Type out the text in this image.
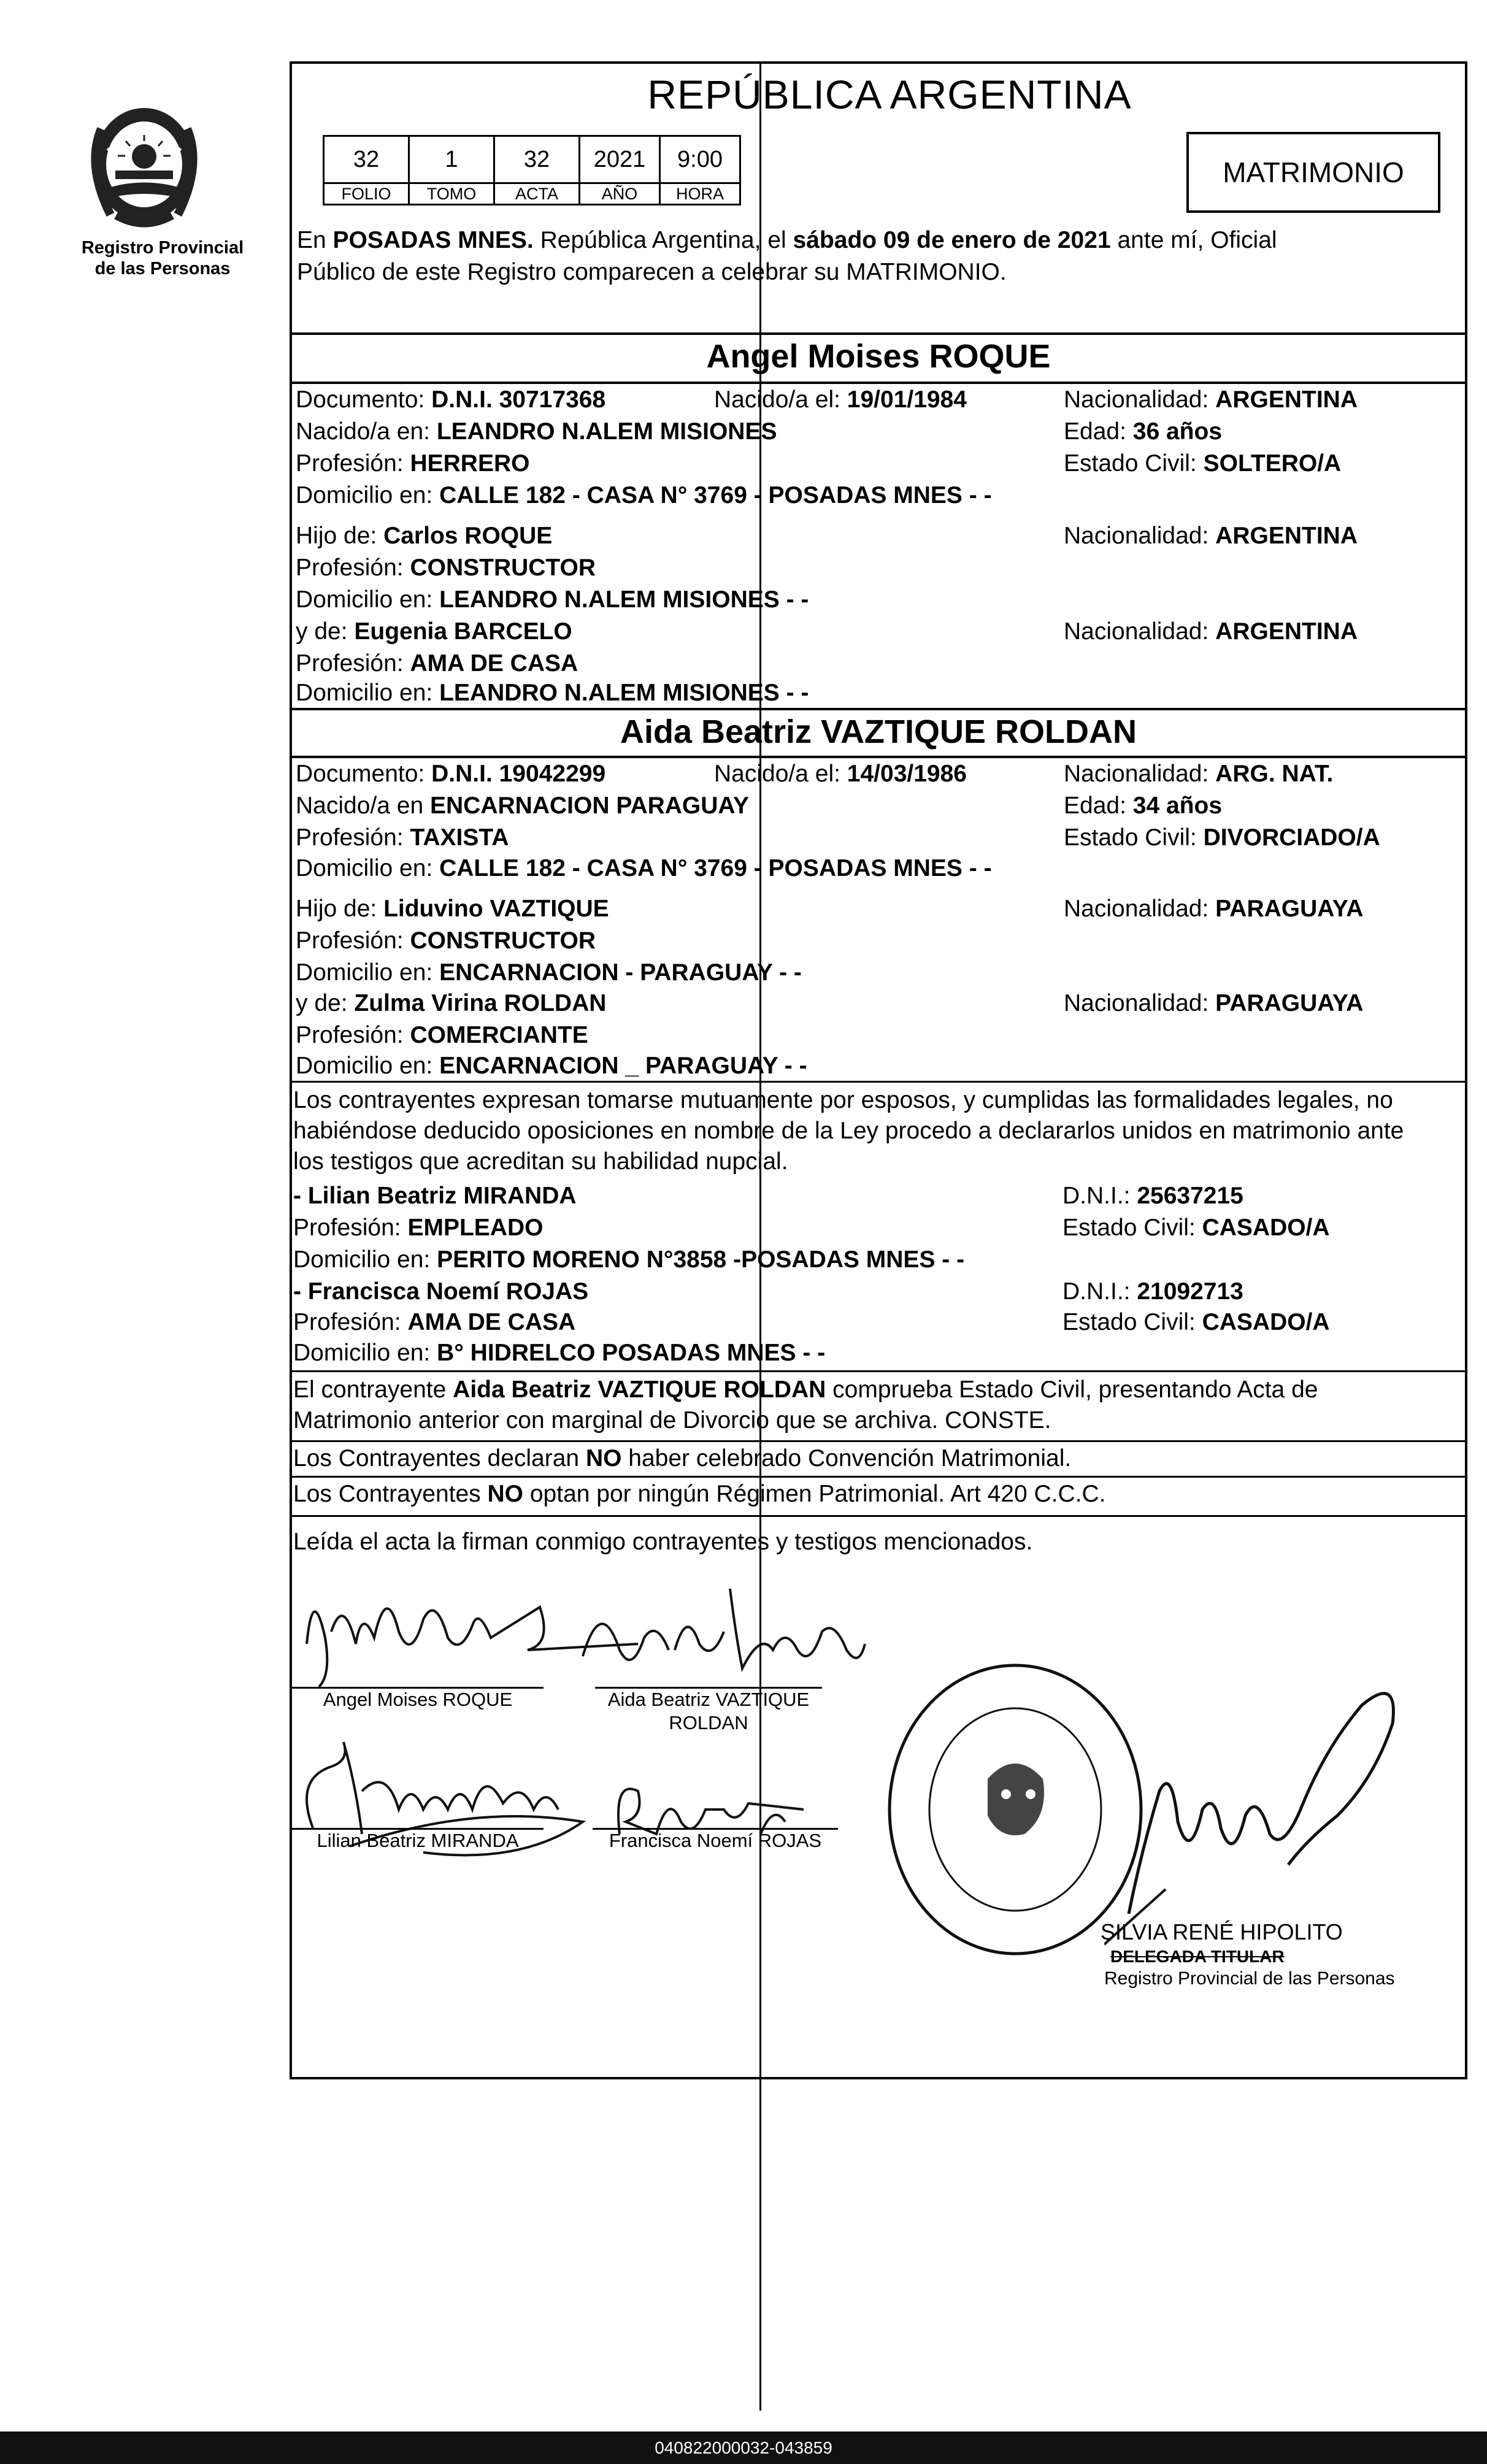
Registro Provincial
de las Personas
REPÚBLICA ARGENTINA
32	1	32	2021	9:00
FOLIO	TOMO	ACTA	AÑO	HORA
MATRIMONIO
En POSADAS MNES. República Argentina, el sábado 09 de enero de 2021 ante mí, Oficial
Público de este Registro comparecen a celebrar su MATRIMONIO.
Angel Moises ROQUE
Documento: D.N.I. 30717368	Nacido/a el: 19/01/1984	Nacionalidad: ARGENTINA
Nacido/a en: LEANDRO N.ALEM MISIONES	Edad: 36 años
Profesión: HERRERO	Estado Civil: SOLTERO/A
Domicilio en: CALLE 182 - CASA N° 3769 - POSADAS MNES - -
Hijo de: Carlos ROQUE	Nacionalidad: ARGENTINA
Profesión: CONSTRUCTOR
Domicilio en: LEANDRO N.ALEM MISIONES - -
y de: Eugenia BARCELO	Nacionalidad: ARGENTINA
Profesión: AMA DE CASA
Domicilio en: LEANDRO N.ALEM MISIONES - -
Aida Beatriz VAZTIQUE ROLDAN
Documento: D.N.I. 19042299	Nacido/a el: 14/03/1986	Nacionalidad: ARG. NAT.
Nacido/a en ENCARNACION PARAGUAY	Edad: 34 años
Profesión: TAXISTA	Estado Civil: DIVORCIADO/A
Domicilio en: CALLE 182 - CASA N° 3769 - POSADAS MNES - -
Hijo de: Liduvino VAZTIQUE	Nacionalidad: PARAGUAYA
Profesión: CONSTRUCTOR
Domicilio en: ENCARNACION - PARAGUAY - -
y de: Zulma Virina ROLDAN	Nacionalidad: PARAGUAYA
Profesión: COMERCIANTE
Domicilio en: ENCARNACION _ PARAGUAY - -
Los contrayentes expresan tomarse mutuamente por esposos, y cumplidas las formalidades legales, no
habiéndose deducido oposiciones en nombre de la Ley procedo a declararlos unidos en matrimonio ante
los testigos que acreditan su habilidad nupcial.
- Lilian Beatriz MIRANDA	D.N.I.: 25637215
Profesión: EMPLEADO	Estado Civil: CASADO/A
Domicilio en: PERITO MORENO N°3858 -POSADAS MNES - -
- Francisca Noemí ROJAS	D.N.I.: 21092713
Profesión: AMA DE CASA	Estado Civil: CASADO/A
Domicilio en: B° HIDRELCO POSADAS MNES - -
El contrayente Aida Beatriz VAZTIQUE ROLDAN comprueba Estado Civil, presentando Acta de
Matrimonio anterior con marginal de Divorcio que se archiva. CONSTE.
Los Contrayentes declaran NO haber celebrado Convención Matrimonial.
Los Contrayentes NO optan por ningún Régimen Patrimonial. Art 420 C.C.C.
Leída el acta la firman conmigo contrayentes y testigos mencionados.
Angel Moises ROQUE	Aida Beatriz VAZTIQUE
ROLDAN
Lilian Beatriz MIRANDA	Francisca Noemí ROJAS
SILVIA RENÉ HIPOLITO
DELEGADA TITULAR
Registro Provincial de las Personas
040822000032-043859
